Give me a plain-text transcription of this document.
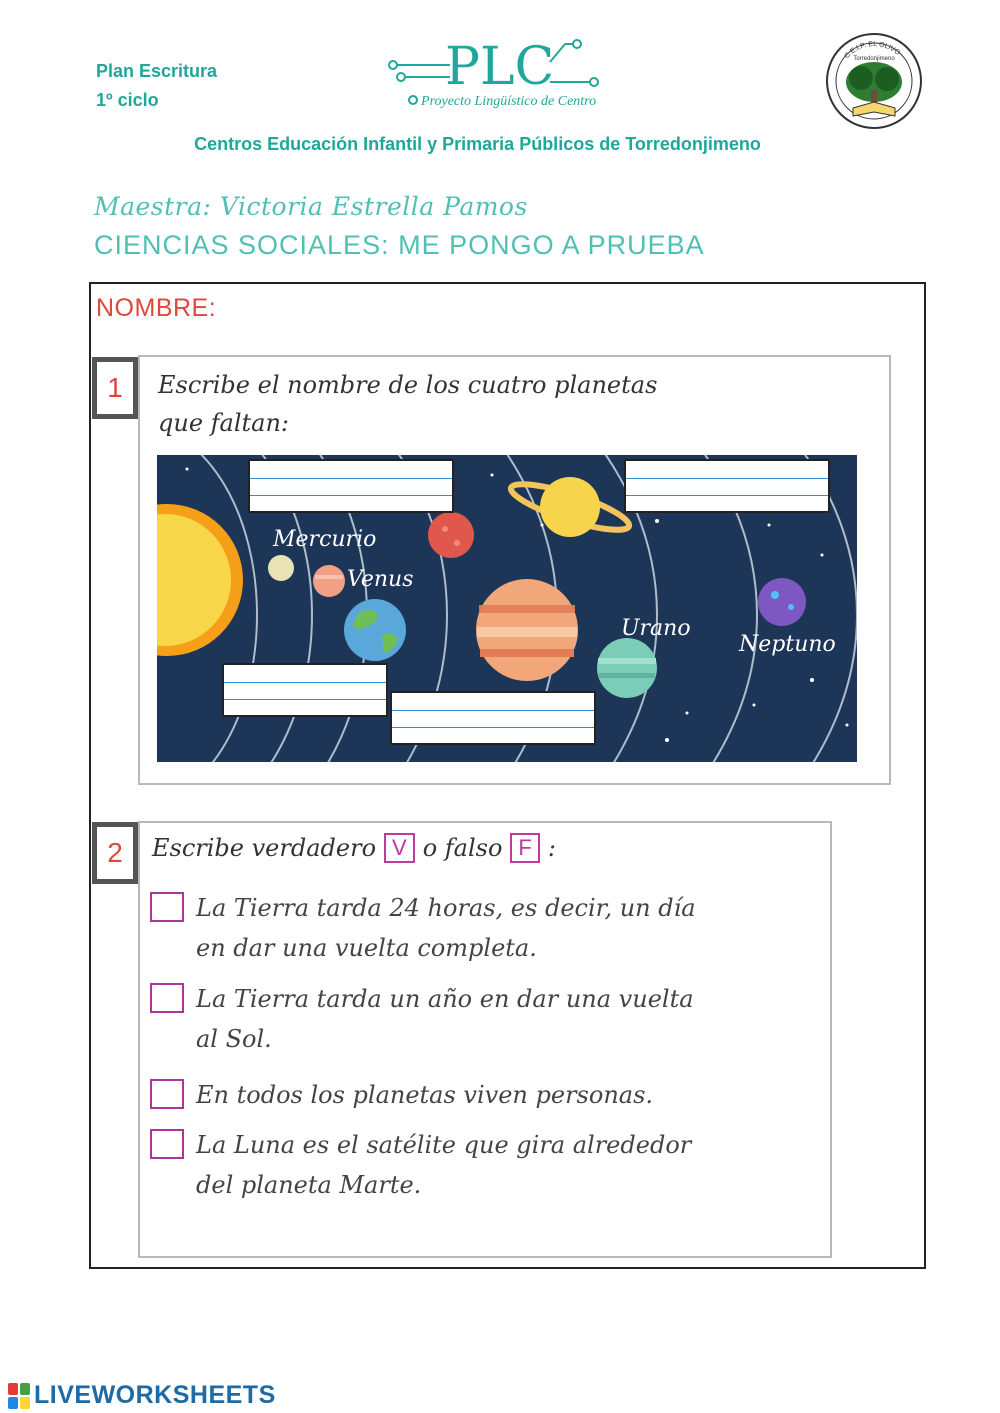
Plan Escritura
1º ciclo
PLC
Proyecto Lingüístico de Centro
C.E.I.P. EL OLIVO
Torredonjimeno
Centros Educación Infantil y Primaria Públicos de Torredonjimeno
Maestra: Victoria Estrella Pamos
CIENCIAS SOCIALES: ME PONGO A PRUEBA
NOMBRE:
1	Escribe el nombre de los cuatro planetas
que faltan:
Mercurio
Venus
Urano
Neptuno
2	Escribe verdadero V o falso F :
La Tierra tarda 24 horas, es decir, un día
en dar una vuelta completa.
La Tierra tarda un año en dar una vuelta
al Sol.
En todos los planetas viven personas.
La Luna es el satélite que gira alrededor
del planeta Marte.
LIVEWORKSHEETS
